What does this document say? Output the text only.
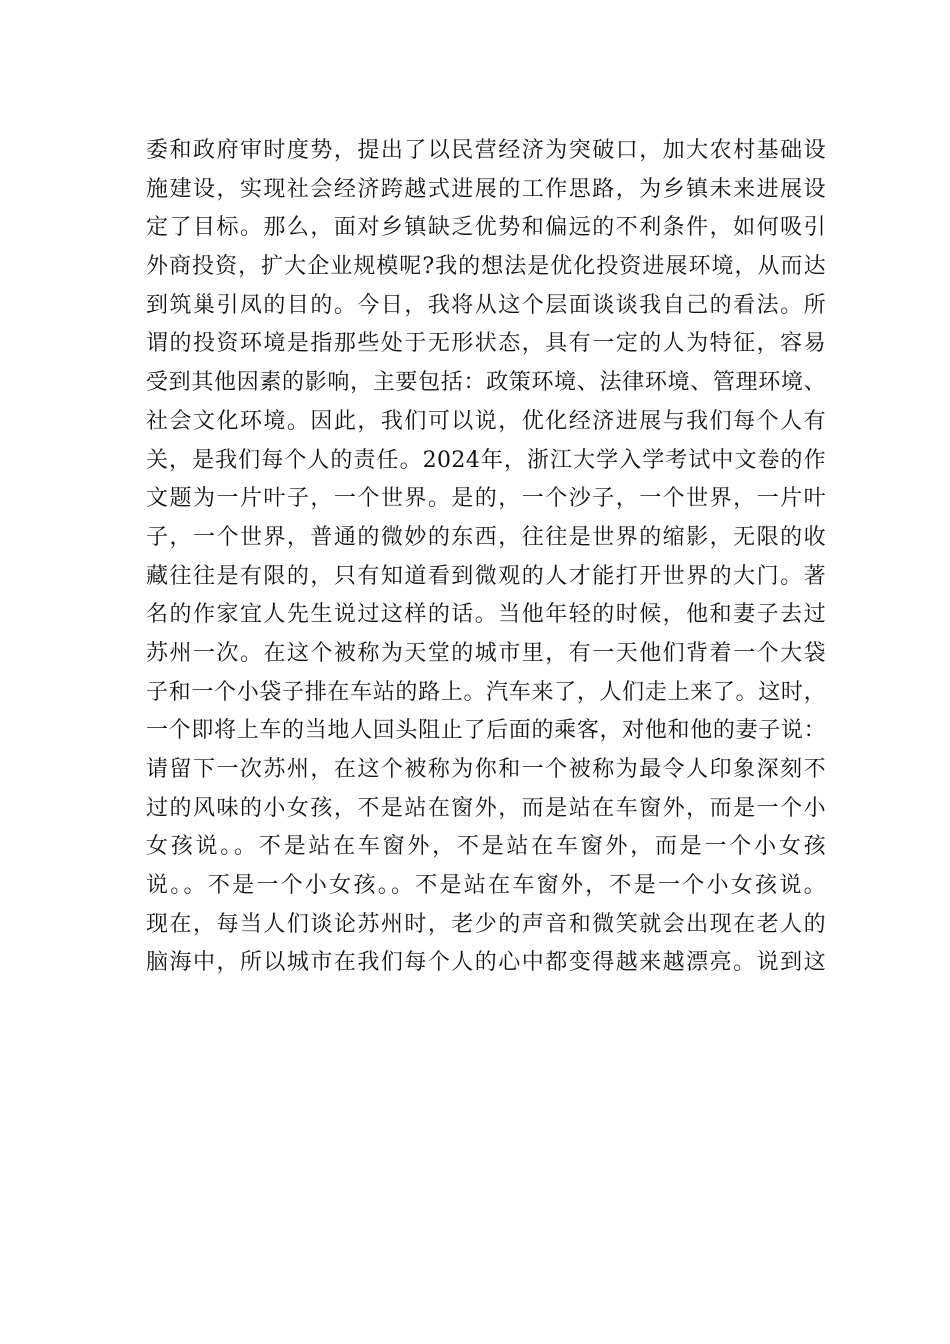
委和政府审时度势，提出了以民营经济为突破口，加大农村基础设
施建设，实现社会经济跨越式进展的工作思路，为乡镇未来进展设
定了目标。那么，面对乡镇缺乏优势和偏远的不利条件，如何吸引
外商投资，扩大企业规模呢?我的想法是优化投资进展环境，从而达
到筑巢引凤的目的。今日，我将从这个层面谈谈我自己的看法。所
谓的投资环境是指那些处于无形状态，具有一定的人为特征，容易
受到其他因素的影响，主要包括：政策环境、法律环境、管理环境、
社会文化环境。因此，我们可以说，优化经济进展与我们每个人有
关，是我们每个人的责任。2024年，浙江大学入学考试中文卷的作
文题为一片叶子，一个世界。是的，一个沙子，一个世界，一片叶
子，一个世界，普通的微妙的东西，往往是世界的缩影，无限的收
藏往往是有限的，只有知道看到微观的人才能打开世界的大门。著
名的作家宜人先生说过这样的话。当他年轻的时候，他和妻子去过
苏州一次。在这个被称为天堂的城市里，有一天他们背着一个大袋
子和一个小袋子排在车站的路上。汽车来了，人们走上来了。这时，
一个即将上车的当地人回头阻止了后面的乘客，对他和他的妻子说：
请留下一次苏州，在这个被称为你和一个被称为最令人印象深刻不
过的风味的小女孩，不是站在窗外，而是站在车窗外，而是一个小
女孩说。。不是站在车窗外，不是站在车窗外，而是一个小女孩
说。。不是一个小女孩。。不是站在车窗外，不是一个小女孩说。
现在，每当人们谈论苏州时，老少的声音和微笑就会出现在老人的
脑海中，所以城市在我们每个人的心中都变得越来越漂亮。说到这
